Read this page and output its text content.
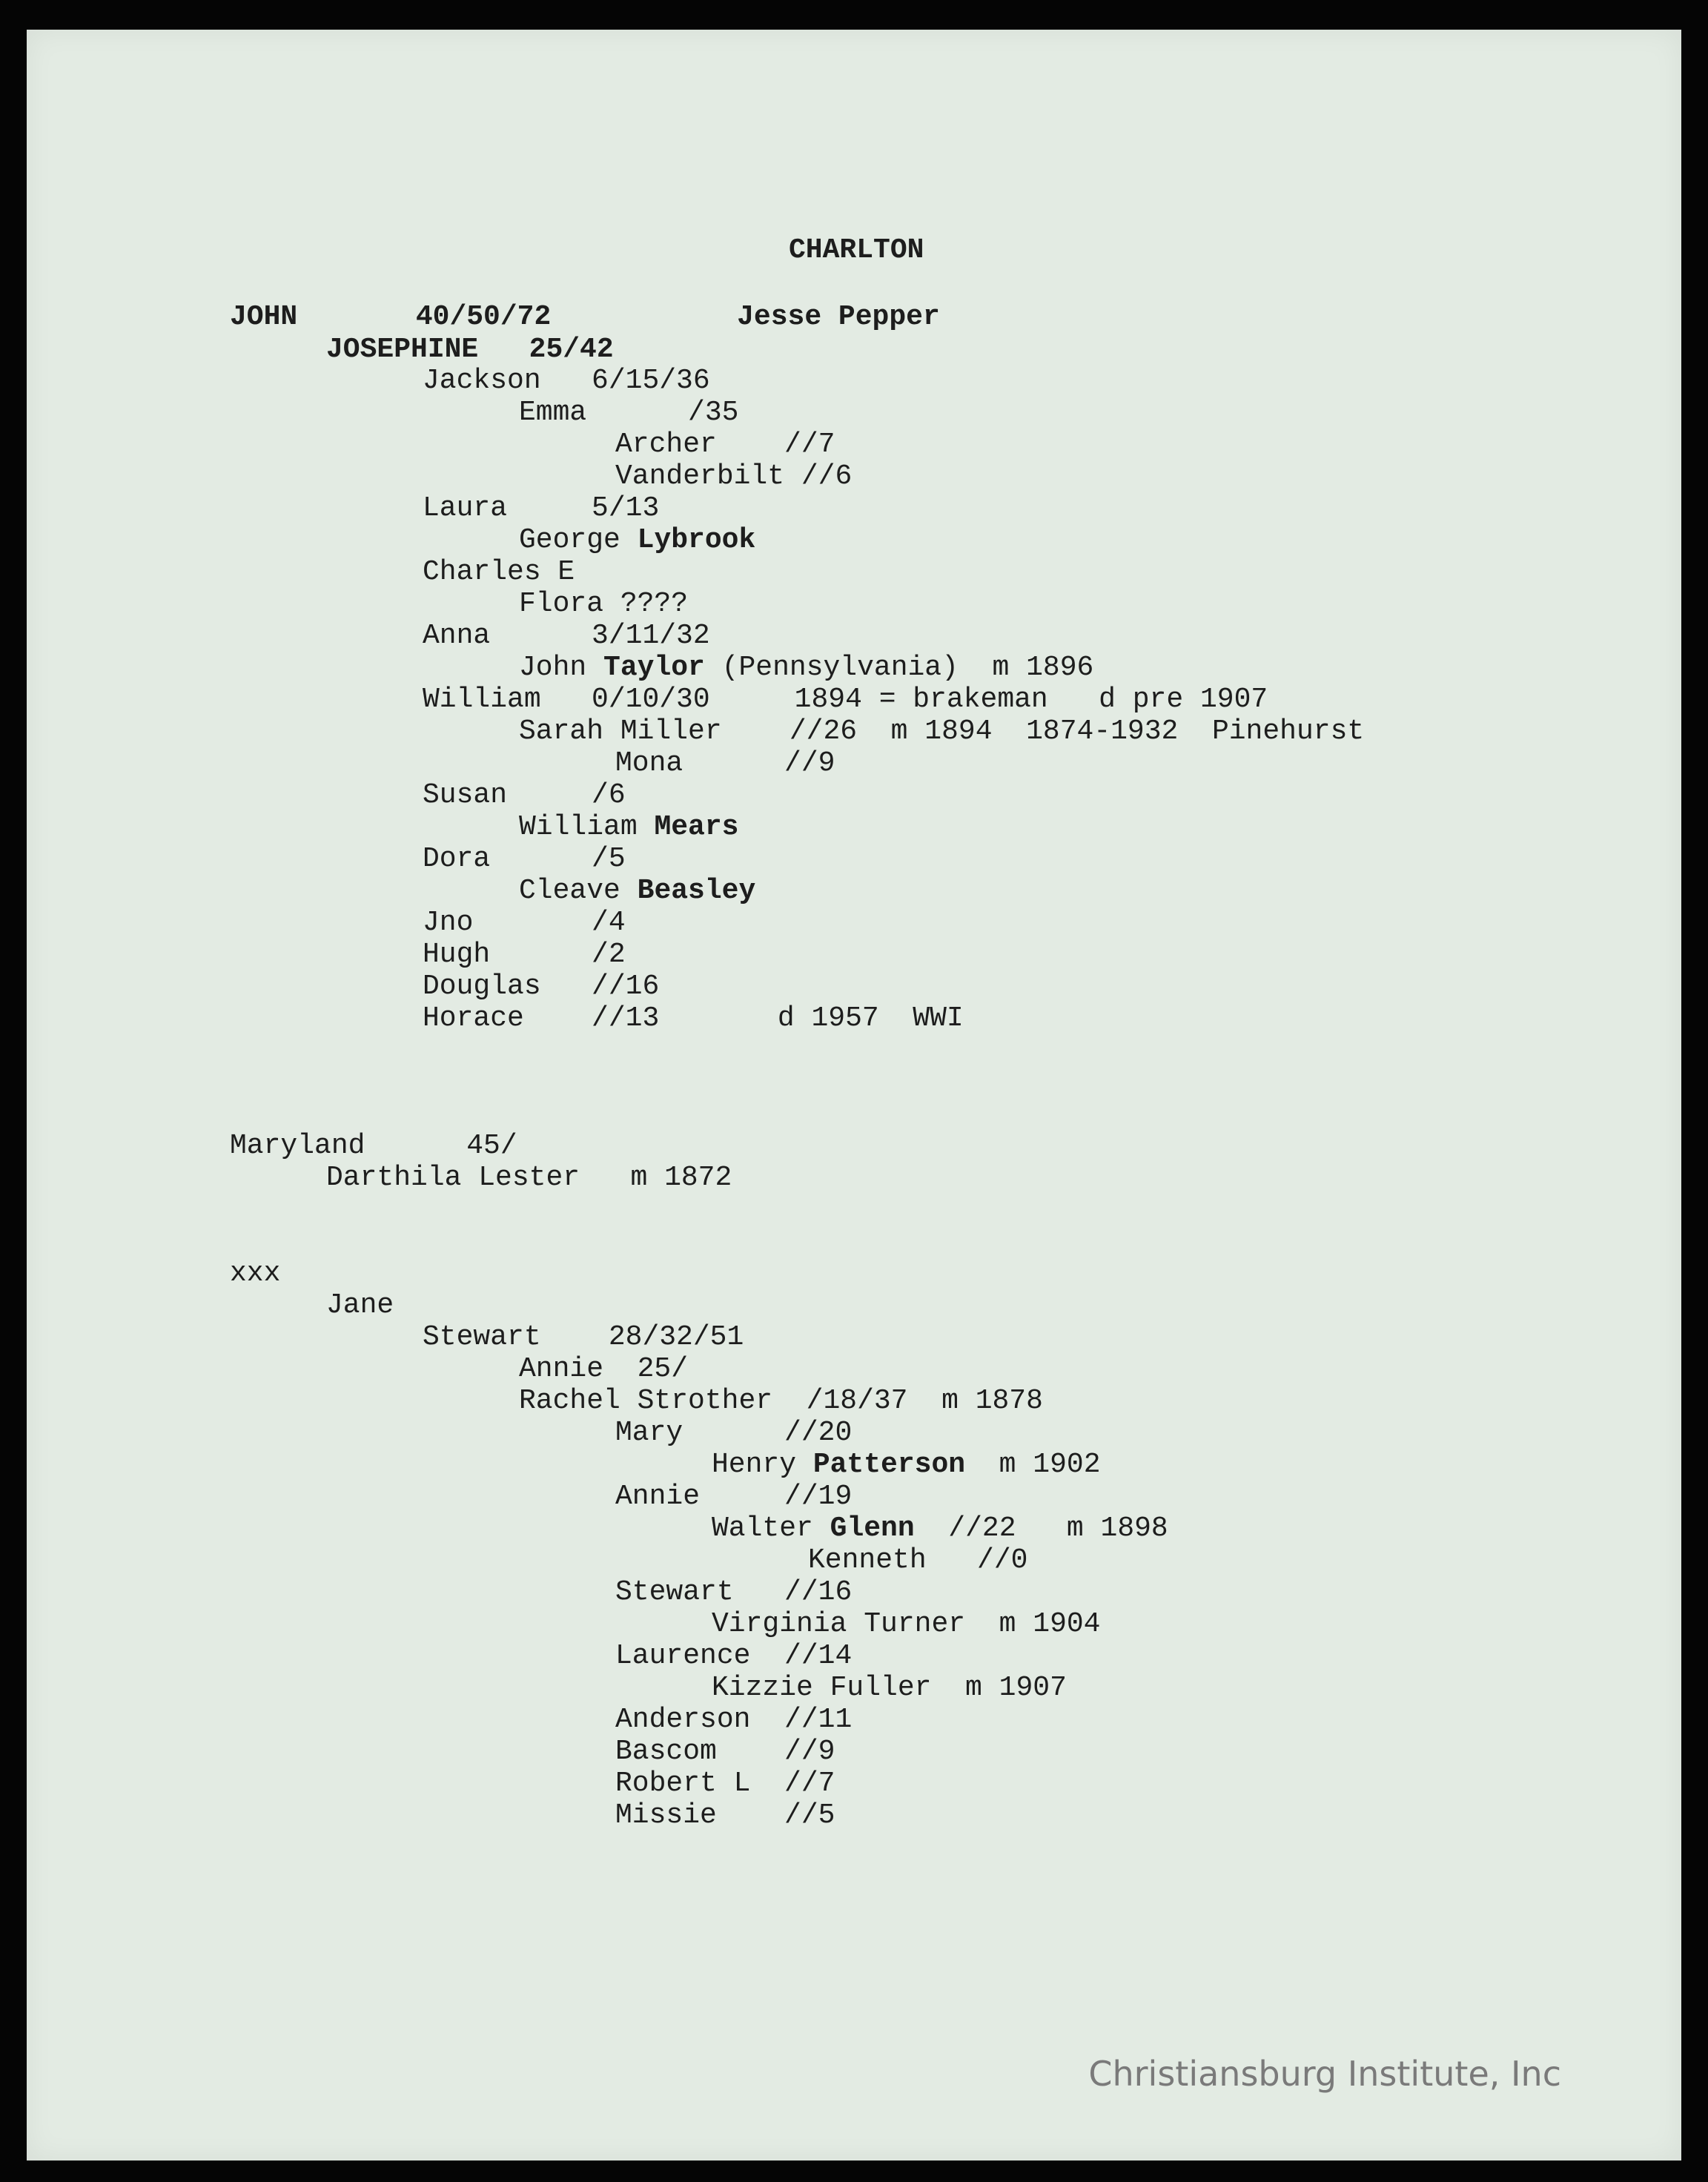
CHARLTON
JOHN       40/50/72           Jesse Pepper
JOSEPHINE   25/42
Jackson   6/15/36
Emma      /35
Archer    //7
Vanderbilt //6
Laura     5/13
George Lybrook
Charles E
Flora ????
Anna      3/11/32
John Taylor (Pennsylvania)  m 1896
William   0/10/30     1894 = brakeman   d pre 1907
Sarah Miller    //26  m 1894  1874-1932  Pinehurst
Mona      //9
Susan     /6
William Mears
Dora      /5
Cleave Beasley
Jno       /4
Hugh      /2
Douglas   //16
Horace    //13       d 1957  WWI
Maryland      45/
Darthila Lester   m 1872
xxx
Jane
Stewart    28/32/51
Annie  25/
Rachel Strother  /18/37  m 1878
Mary      //20
Henry Patterson  m 1902
Annie     //19
Walter Glenn  //22   m 1898
Kenneth   //0
Stewart   //16
Virginia Turner  m 1904
Laurence  //14
Kizzie Fuller  m 1907
Anderson  //11
Bascom    //9
Robert L  //7
Missie    //5
Christiansburg Institute, Inc
